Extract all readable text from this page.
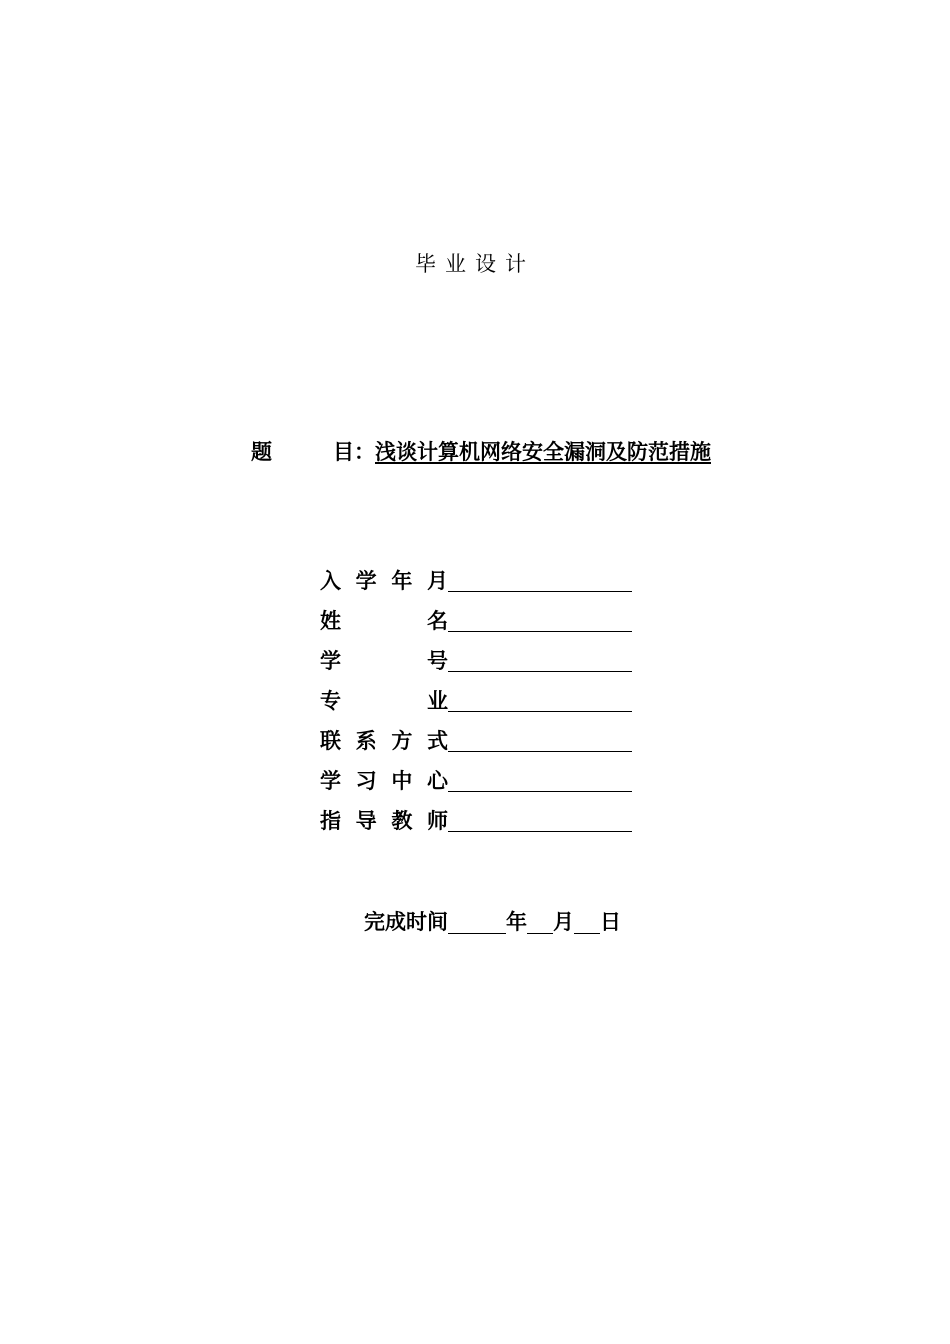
毕业设计
题	目：浅谈计算机网络安全漏洞及防范措施
入 学 年 月
姓	名
学	号
专	业
联 系 方 式
学 习 中 心
指 导 教 师
完成时间	年 月 日
